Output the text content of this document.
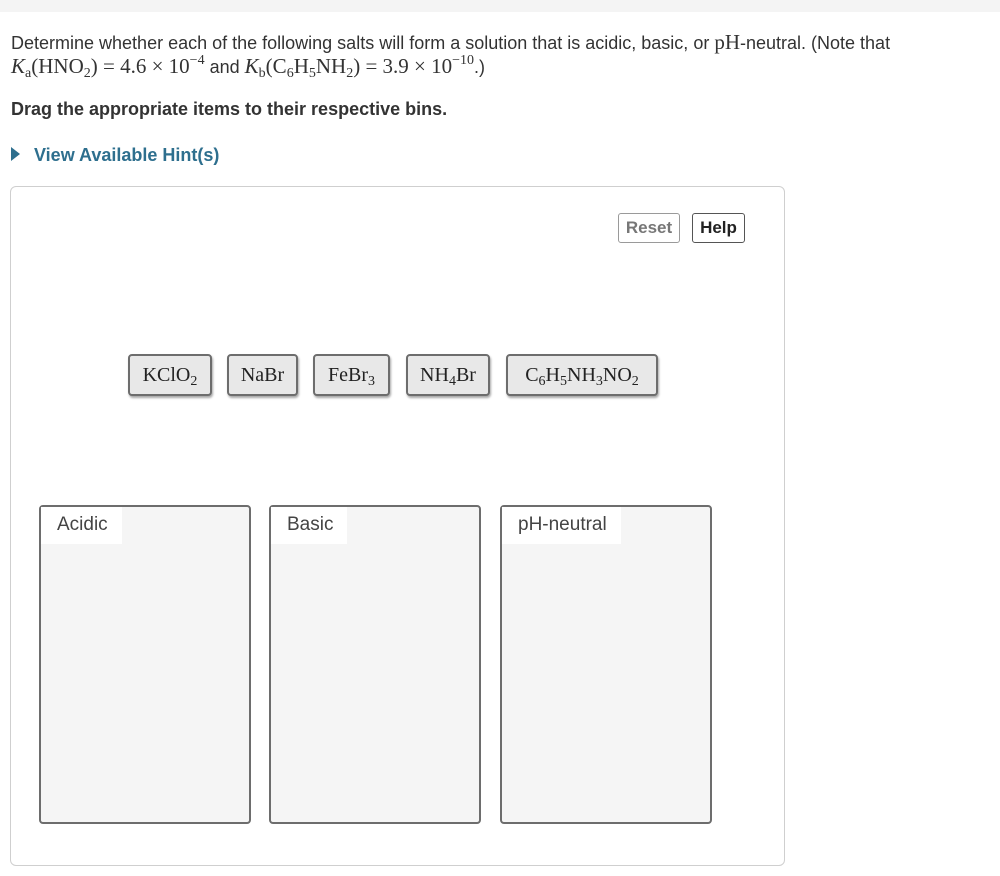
Determine whether each of the following salts will form a solution that is acidic, basic, or pH-neutral. (Note that
$K_a(HNO_2) = 4.6 \times 10^{-4}$ and $K_b(C_6H_5NH_2) = 3.9 \times 10^{-10}$.)
Drag the appropriate items to their respective bins.
View Available Hint(s)
Reset	Help
KClO$_2$	NaBr	FeBr$_3$	$NH_4Br$	$C_6H_5NH_3NO_2$
Acidic	Basic	pH-neutral
